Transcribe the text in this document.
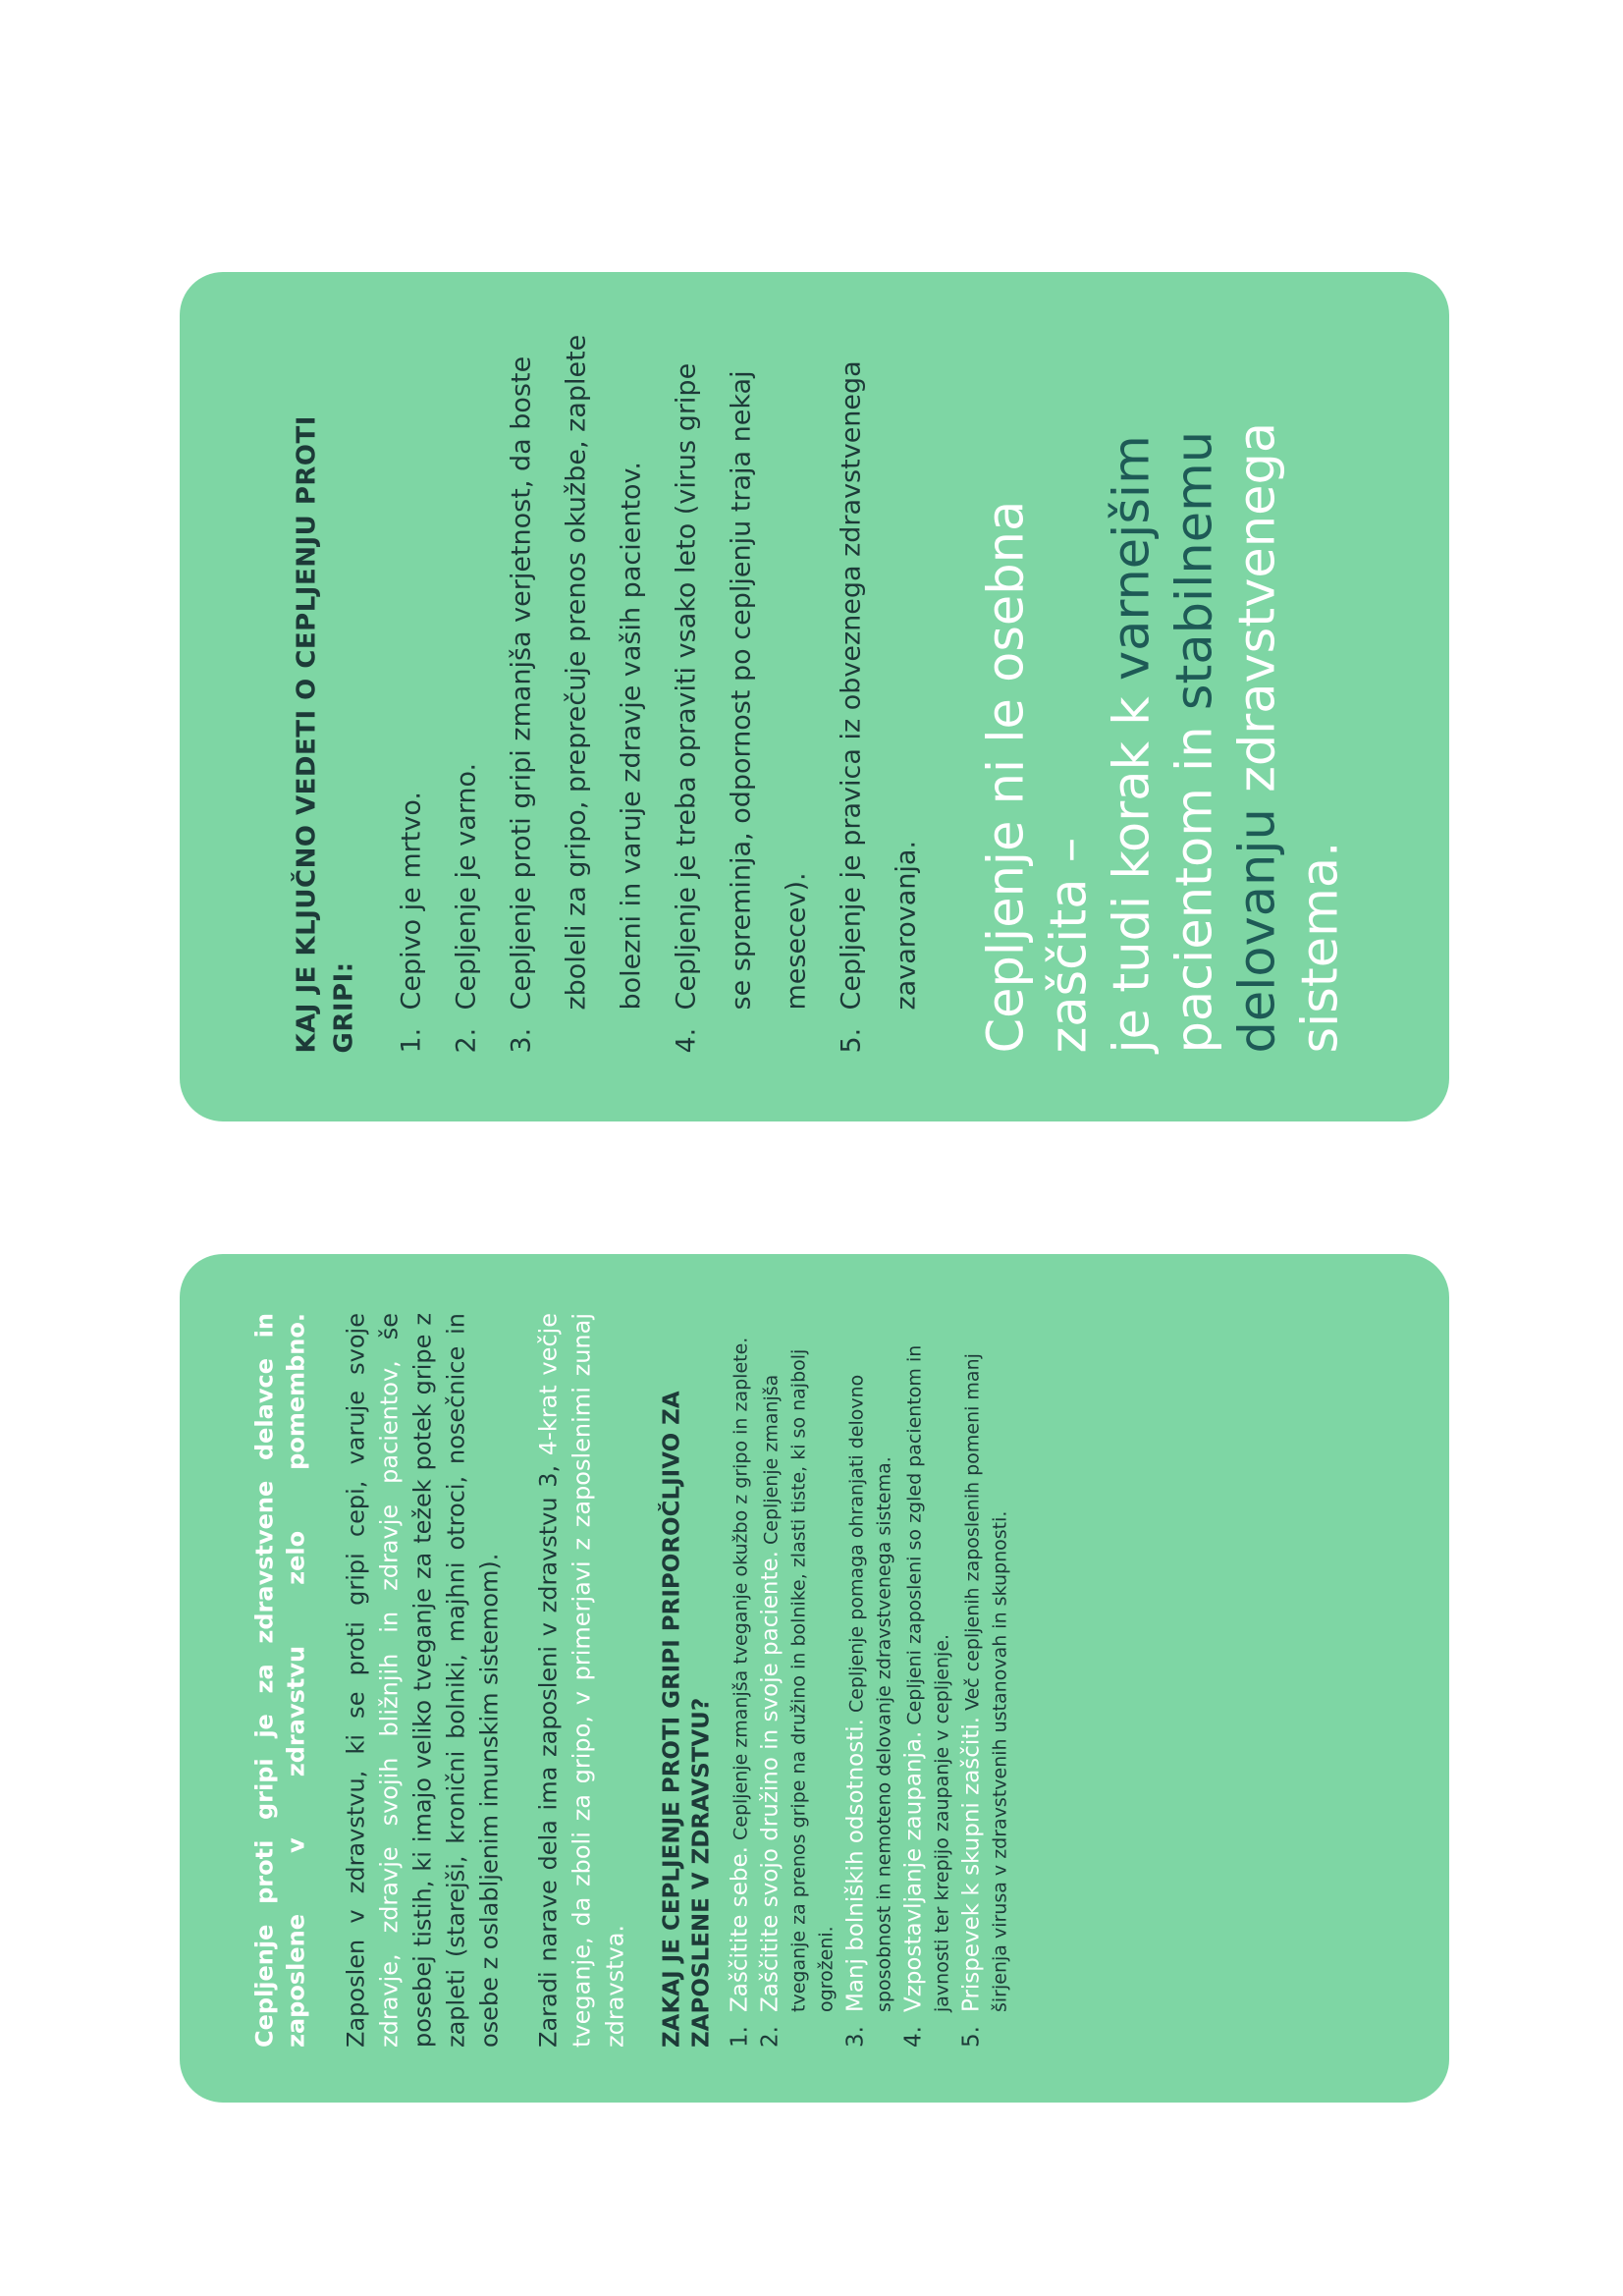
KAJ JE KLJUČNO VEDETI O CEPLJENJU PROTI GRIPI:	1.
Cepivo je mrtvo.
2.
Cepljenje je varno.
3.
Cepljenje proti gripi zmanjša verjetnost, da boste zboleli za gripo, preprečuje prenos okužbe, zaplete bolezni in varuje zdravje vaših pacientov.
4.
Cepljenje je treba opraviti vsako leto (virus gripe se spreminja, odpornost po cepljenju traja nekaj mesecev).
5.
Cepljenje je pravica iz obveznega zdravstvenega zavarovanja. Cepljenje ni le osebna zaščita – je tudi korak k varnejšim
pacientom in stabilnemu
delovanju zdravstvenega
sistema.

Cepljenje proti gripi je za zdravstvene delavce in zaposlene v zdravstvu zelo pomembno. Zaposlen v zdravstvu, ki se proti gripi cepi, varuje svoje zdravje, zdravje svojih bližnjih in zdravje pacientov, še posebej tistih, ki imajo veliko tveganje za težek potek gripe z zapleti (starejši, kronični bolniki, majhni otroci, nosečnice in osebe z oslabljenim imunskim sistemom). Zaradi narave dela ima zaposleni v zdravstvu 3, 4-krat večje tveganje, da zboli za gripo, v primerjavi z zaposlenimi zunaj zdravstva. ZAKAJ JE CEPLJENJE PROTI GRIPI PRIPOROČLJIVO ZA ZAPOSLENE V ZDRAVSTVU? 1.
Zaščitite sebe. Cepljenje zmanjša tveganje okužbo z gripo in zaplete.
2.
Zaščitite svojo družino in svoje paciente. Cepljenje zmanjša tveganje za prenos gripe na družino in bolnike, zlasti tiste, ki so najbolj ogroženi.
3.
Manj bolniških odsotnosti. Cepljenje pomaga ohranjati delovno sposobnost in nemoteno delovanje zdravstvenega sistema.
4.
Vzpostavljanje zaupanja. Cepljeni zaposleni so zgled pacientom in javnosti ter krepijo zaupanje v cepljenje.
5.
Prispevek k skupni zaščiti. Več cepljenih zaposlenih pomeni manj širjenja virusa v zdravstvenih ustanovah in skupnosti.
